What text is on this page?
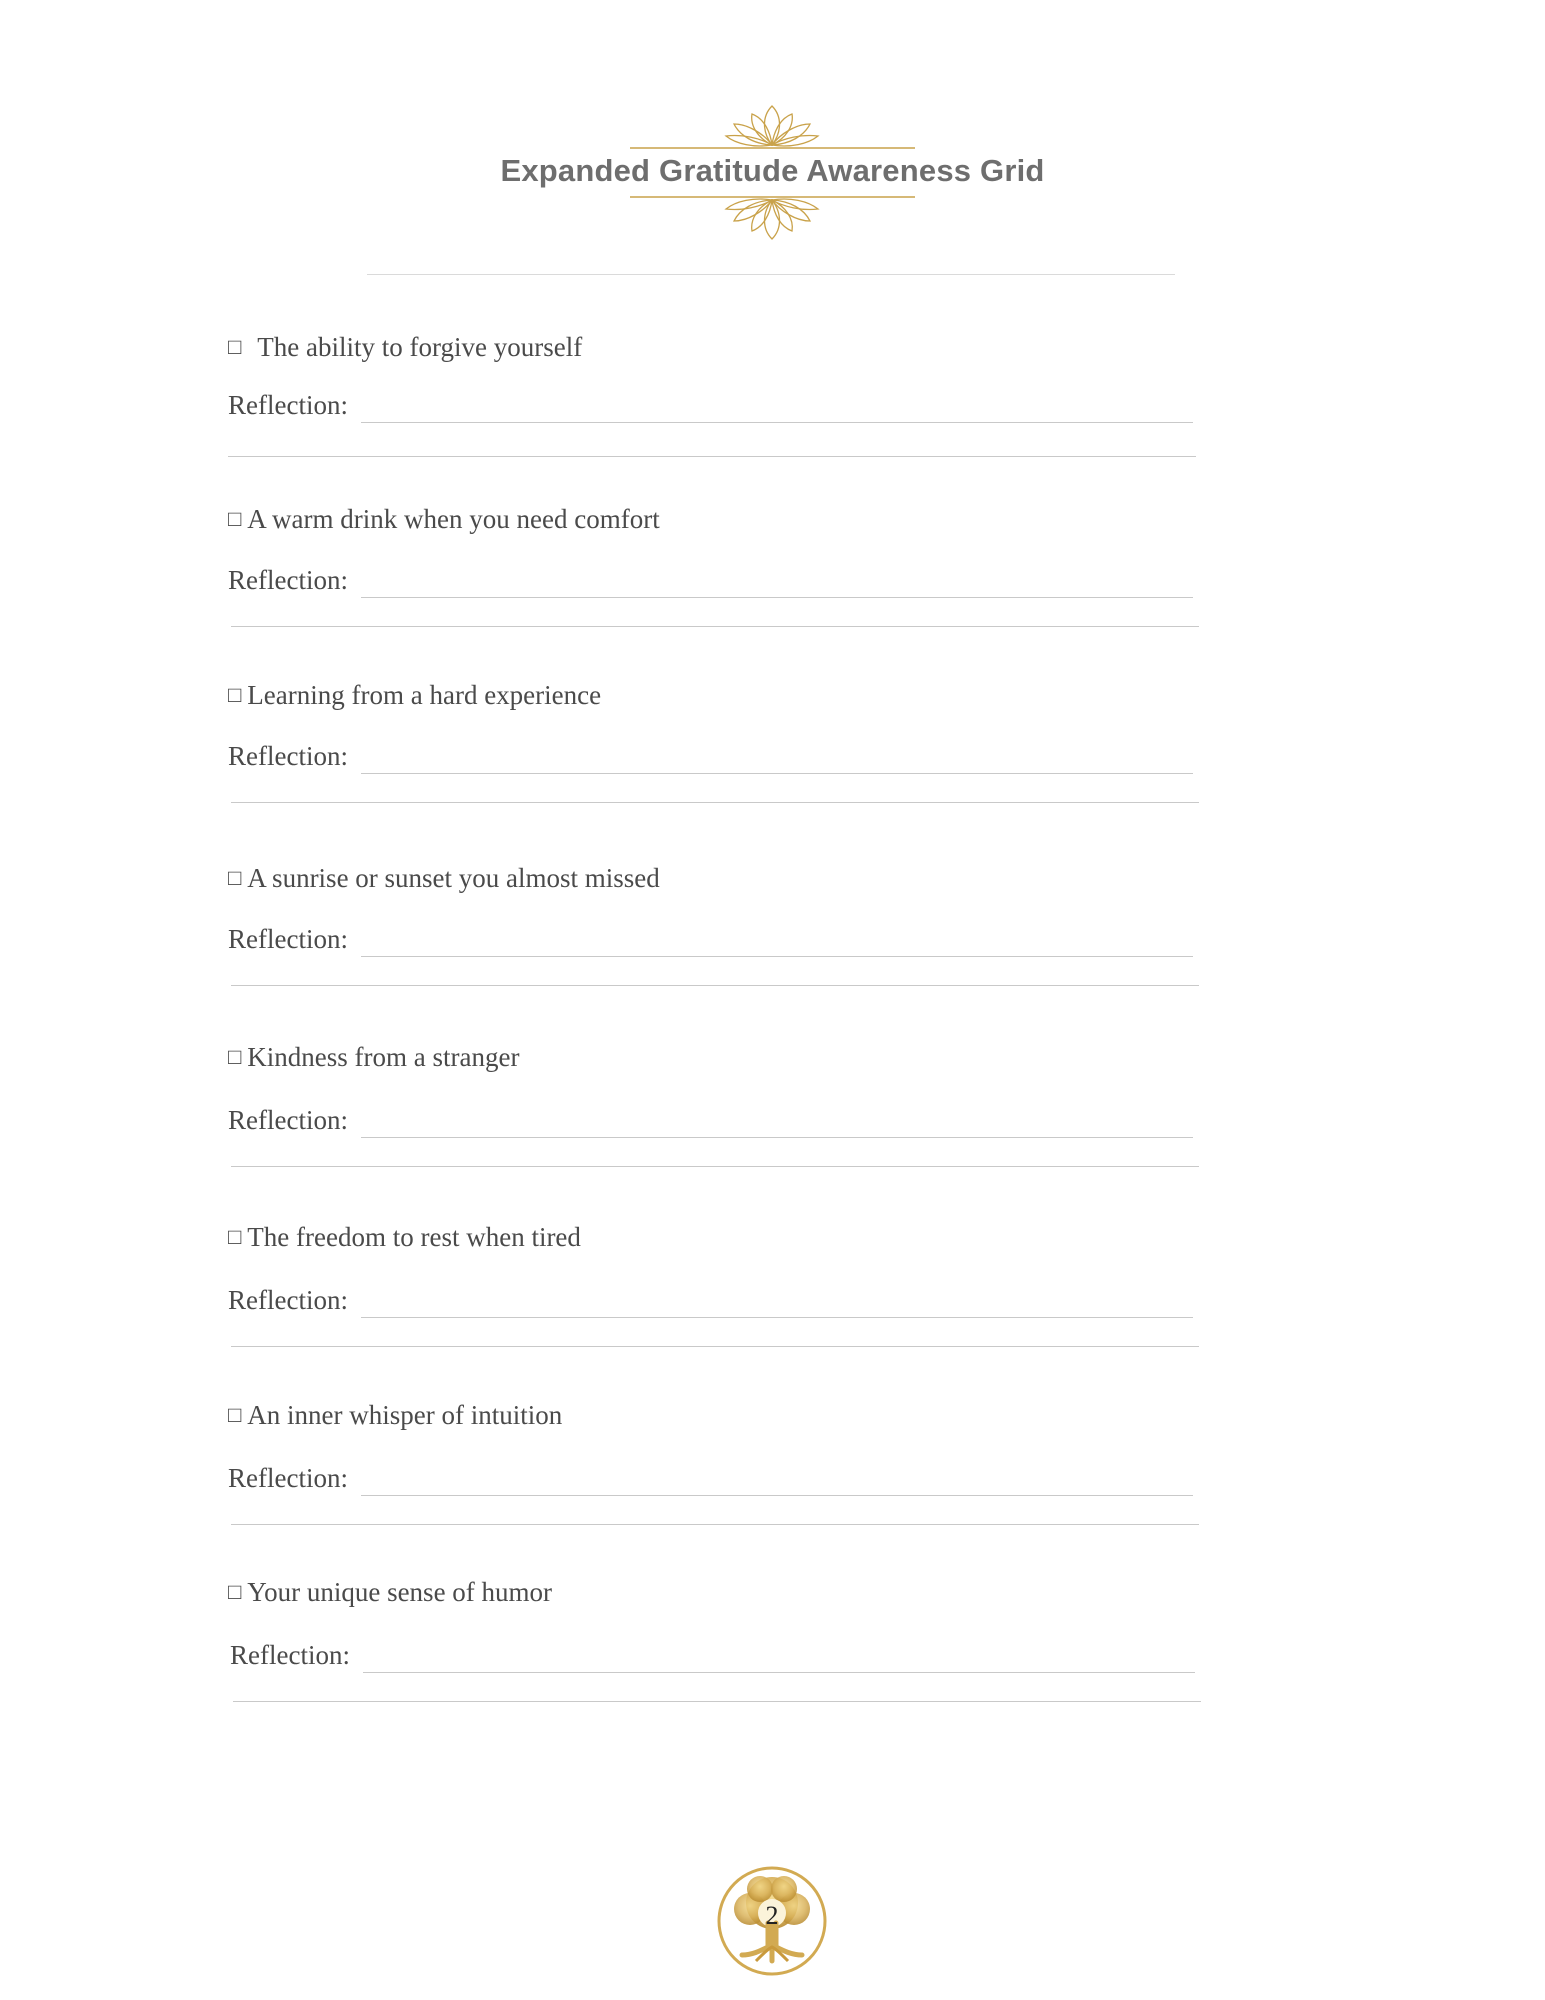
Expanded Gratitude Awareness Grid
□ The ability to forgive yourself
Reflection:
□ A warm drink when you need comfort
Reflection:
□ Learning from a hard experience
Reflection:
□ A sunrise or sunset you almost missed
Reflection:
□ Kindness from a stranger
Reflection:
□ The freedom to rest when tired
Reflection:
□ An inner whisper of intuition
Reflection:
□ Your unique sense of humor
Reflection:
2
